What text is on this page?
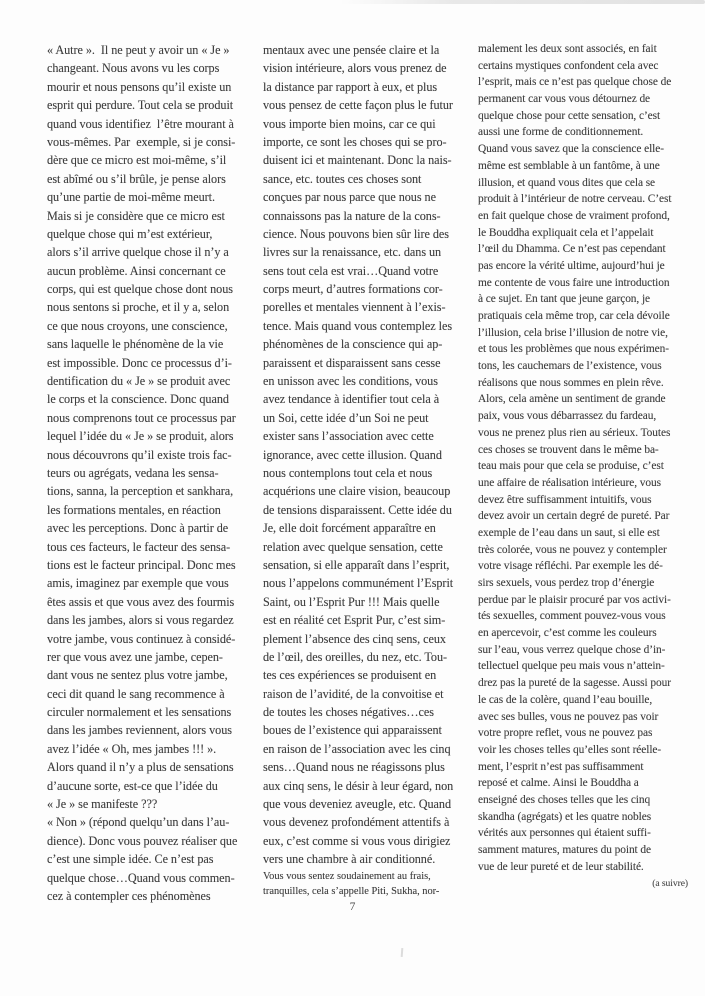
« Autre ».  Il ne peut y avoir un « Je »
changeant. Nous avons vu les corps
mourir et nous pensons qu’il existe un
esprit qui perdure. Tout cela se produit
quand vous identifiez  l’être mourant à
vous-mêmes. Par  exemple, si je consi-
dère que ce micro est moi-même, s’il
est abîmé ou s’il brûle, je pense alors
qu’une partie de moi-même meurt.
Mais si je considère que ce micro est
quelque chose qui m’est extérieur,
alors s’il arrive quelque chose il n’y a
aucun problème. Ainsi concernant ce
corps, qui est quelque chose dont nous
nous sentons si proche, et il y a, selon
ce que nous croyons, une conscience,
sans laquelle le phénomène de la vie
est impossible. Donc ce processus d’i-
dentification du « Je » se produit avec
le corps et la conscience. Donc quand
nous comprenons tout ce processus par
lequel l’idée du « Je » se produit, alors
nous découvrons qu’il existe trois fac-
teurs ou agrégats, vedana les sensa-
tions, sanna, la perception et sankhara,
les formations mentales, en réaction
avec les perceptions. Donc à partir de
tous ces facteurs, le facteur des sensa-
tions est le facteur principal. Donc mes
amis, imaginez par exemple que vous
êtes assis et que vous avez des fourmis
dans les jambes, alors si vous regardez
votre jambe, vous continuez à considé-
rer que vous avez une jambe, cepen-
dant vous ne sentez plus votre jambe,
ceci dit quand le sang recommence à
circuler normalement et les sensations
dans les jambes reviennent, alors vous
avez l’idée « Oh, mes jambes !!! ».
Alors quand il n’y a plus de sensations
d’aucune sorte, est-ce que l’idée du
« Je » se manifeste ???
« Non » (répond quelqu’un dans l’au-
dience). Donc vous pouvez réaliser que
c’est une simple idée. Ce n’est pas
quelque chose…Quand vous commen-
cez à contempler ces phénomènes
mentaux avec une pensée claire et la
vision intérieure, alors vous prenez de
la distance par rapport à eux, et plus
vous pensez de cette façon plus le futur
vous importe bien moins, car ce qui
importe, ce sont les choses qui se pro-
duisent ici et maintenant. Donc la nais-
sance, etc. toutes ces choses sont
conçues par nous parce que nous ne
connaissons pas la nature de la cons-
cience. Nous pouvons bien sûr lire des
livres sur la renaissance, etc. dans un
sens tout cela est vrai…Quand votre
corps meurt, d’autres formations cor-
porelles et mentales viennent à l’exis-
tence. Mais quand vous contemplez les
phénomènes de la conscience qui ap-
paraissent et disparaissent sans cesse
en unisson avec les conditions, vous
avez tendance à identifier tout cela à
un Soi, cette idée d’un Soi ne peut
exister sans l’association avec cette
ignorance, avec cette illusion. Quand
nous contemplons tout cela et nous
acquérions une claire vision, beaucoup
de tensions disparaissent. Cette idée du
Je, elle doit forcément apparaître en
relation avec quelque sensation, cette
sensation, si elle apparaît dans l’esprit,
nous l’appelons communément l’Esprit
Saint, ou l’Esprit Pur !!! Mais quelle
est en réalité cet Esprit Pur, c’est sim-
plement l’absence des cinq sens, ceux
de l’œil, des oreilles, du nez, etc. Tou-
tes ces expériences se produisent en
raison de l’avidité, de la convoitise et
de toutes les choses négatives…ces
boues de l’existence qui apparaissent
en raison de l’association avec les cinq
sens…Quand nous ne réagissons plus
aux cinq sens, le désir à leur égard, non
que vous deveniez aveugle, etc. Quand
vous devenez profondément attentifs à
eux, c’est comme si vous vous dirigiez
vers une chambre à air conditionné.
Vous vous sentez soudainement au frais,
tranquilles, cela s’appelle Piti, Sukha, nor-
malement les deux sont associés, en fait
certains mystiques confondent cela avec
l’esprit, mais ce n’est pas quelque chose de
permanent car vous vous détournez de
quelque chose pour cette sensation, c’est
aussi une forme de conditionnement.
Quand vous savez que la conscience elle-
même est semblable à un fantôme, à une
illusion, et quand vous dites que cela se
produit à l’intérieur de notre cerveau. C’est
en fait quelque chose de vraiment profond,
le Bouddha expliquait cela et l’appelait
l’œil du Dhamma. Ce n’est pas cependant
pas encore la vérité ultime, aujourd’hui je
me contente de vous faire une introduction
à ce sujet. En tant que jeune garçon, je
pratiquais cela même trop, car cela dévoile
l’illusion, cela brise l’illusion de notre vie,
et tous les problèmes que nous expérimen-
tons, les cauchemars de l’existence, vous
réalisons que nous sommes en plein rêve.
Alors, cela amène un sentiment de grande
paix, vous vous débarrassez du fardeau,
vous ne prenez plus rien au sérieux. Toutes
ces choses se trouvent dans le même ba-
teau mais pour que cela se produise, c’est
une affaire de réalisation intérieure, vous
devez être suffisamment intuitifs, vous
devez avoir un certain degré de pureté. Par
exemple de l’eau dans un saut, si elle est
très colorée, vous ne pouvez y contempler
votre visage réfléchi. Par exemple les dé-
sirs sexuels, vous perdez trop d’énergie
perdue par le plaisir procuré par vos activi-
tés sexuelles, comment pouvez-vous vous
en apercevoir, c’est comme les couleurs
sur l’eau, vous verrez quelque chose d’in-
tellectuel quelque peu mais vous n’attein-
drez pas la pureté de la sagesse. Aussi pour
le cas de la colère, quand l’eau bouille,
avec ses bulles, vous ne pouvez pas voir
votre propre reflet, vous ne pouvez pas
voir les choses telles qu’elles sont réelle-
ment, l’esprit n’est pas suffisamment
reposé et calme. Ainsi le Bouddha a
enseigné des choses telles que les cinq
skandha (agrégats) et les quatre nobles
vérités aux personnes qui étaient suffi-
samment matures, matures du point de
vue de leur pureté et de leur stabilité.
(a suivre)
7
